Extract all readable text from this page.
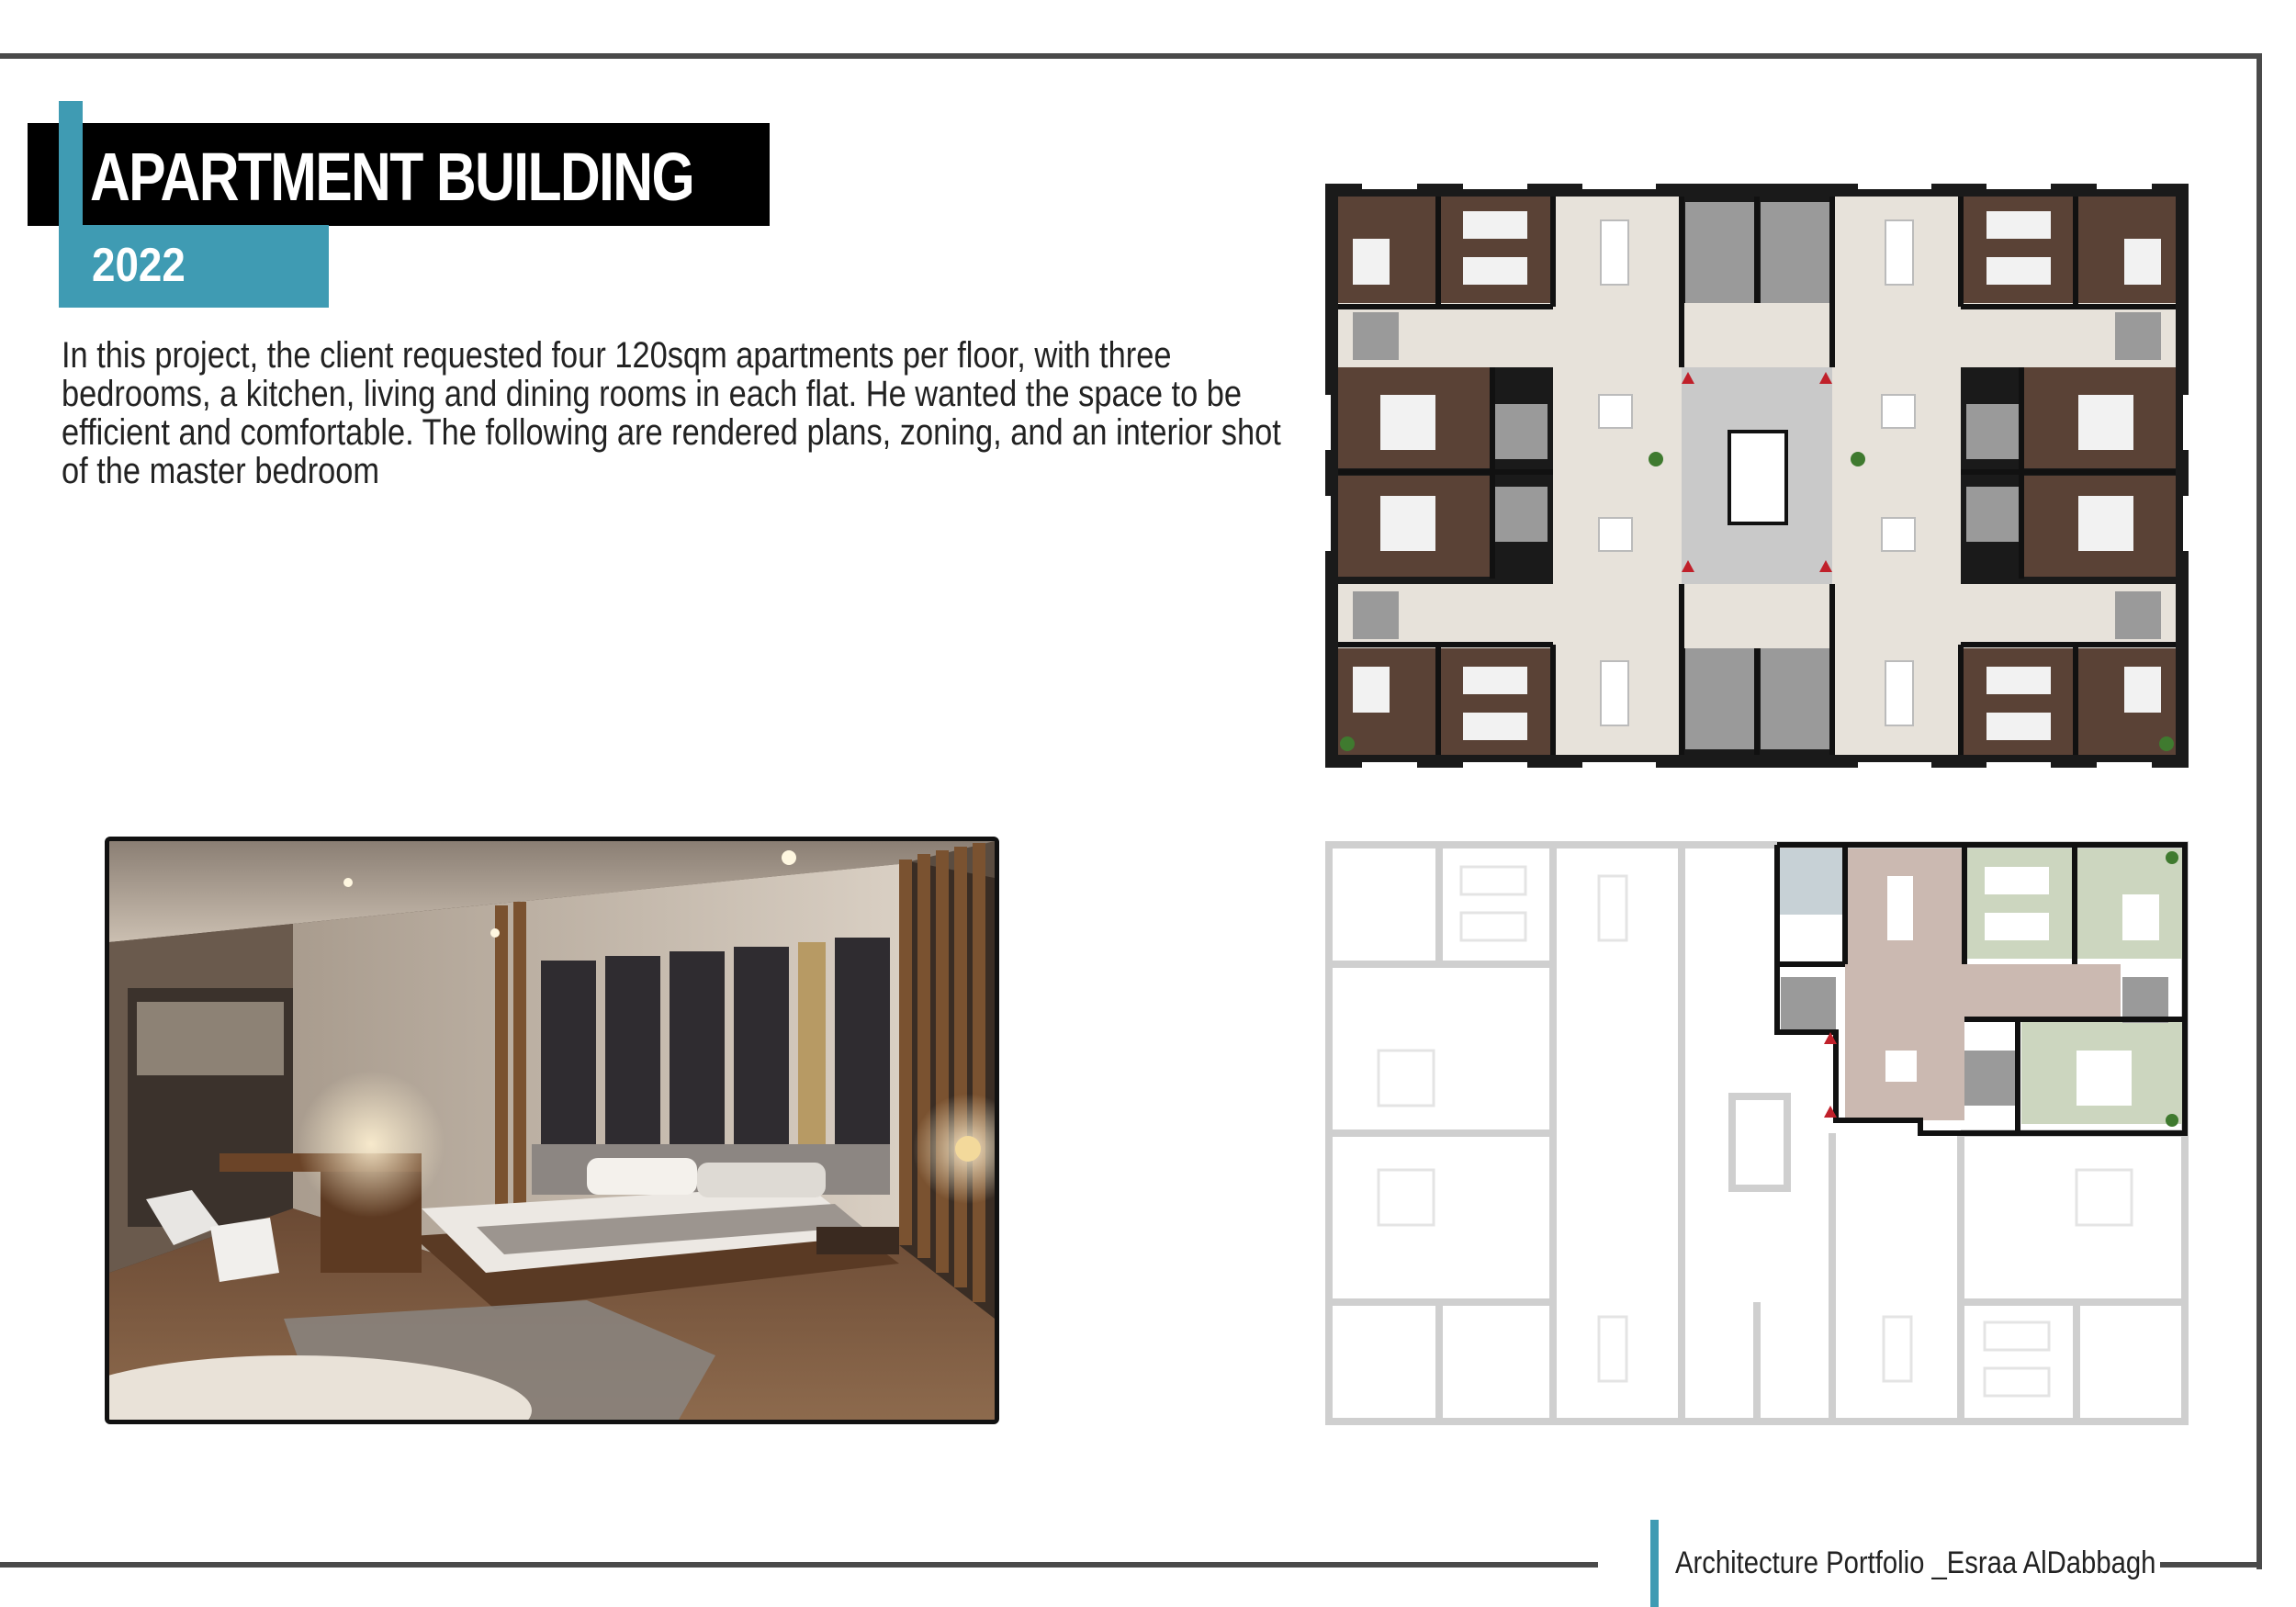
APARTMENT BUILDING
2022

In this project, the client requested four 120sqm apartments per floor, with three bedrooms, a kitchen, living and dining rooms in each flat. He wanted the space to be efficient and comfortable. The following are rendered plans, zoning, and an interior shot of the master bedroom

Architecture Portfolio _Esraa AlDabbagh
